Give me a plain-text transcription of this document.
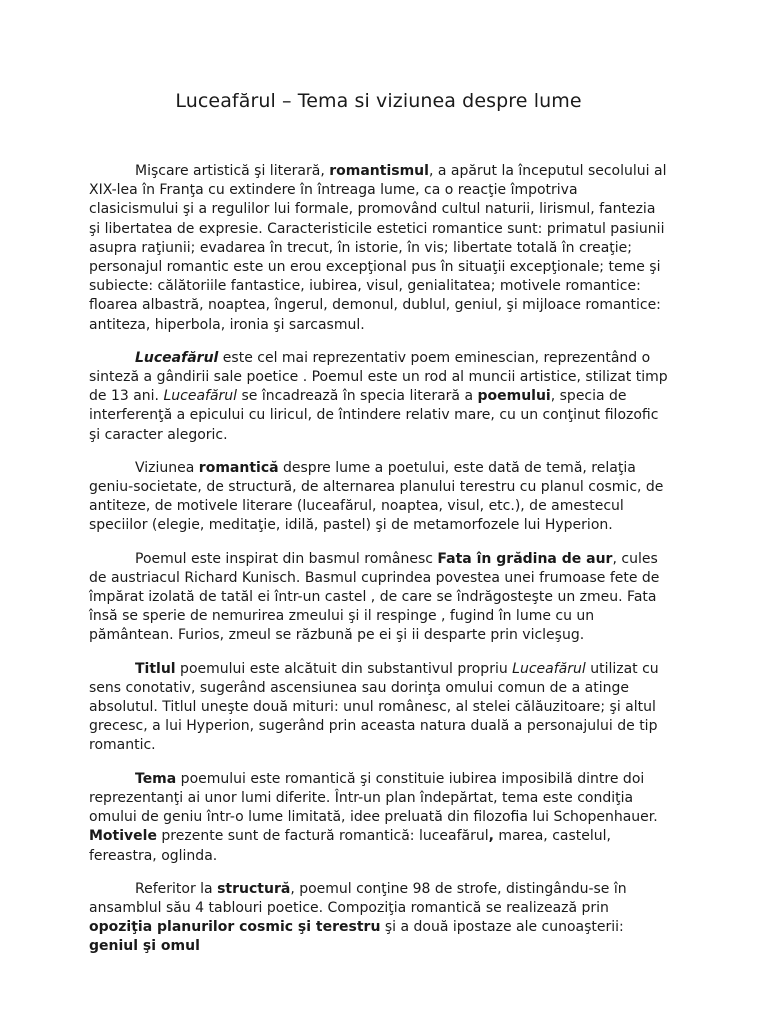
Luceafărul – Tema si viziunea despre lume

Mişcare artistică şi literară, romantismul, a apărut la începutul secolului al XIX-lea în Franţa cu extindere în întreaga lume, ca o reacţie împotriva clasicismului şi a regulilor lui formale, promovând cultul naturii, lirismul, fantezia şi libertatea de expresie. Caracteristicile estetici romantice sunt: primatul pasiunii asupra raţiunii; evadarea în trecut, în istorie, în vis; libertate totală în creaţie; personajul romantic este un erou excepţional pus în situaţii excepţionale; teme şi subiecte: călătoriile fantastice, iubirea, visul, genialitatea; motivele romantice: floarea albastră, noaptea, îngerul, demonul, dublul, geniul, şi mijloace romantice: antiteza, hiperbola, ironia şi sarcasmul.

Luceafărul este cel mai reprezentativ poem eminescian, reprezentând o sinteză a gândirii sale poetice . Poemul este un rod al muncii artistice, stilizat timp de 13 ani. Luceafărul se încadrează în specia literară a poemului, specia de interferenţă a epicului cu liricul, de întindere relativ mare, cu un conţinut filozofic şi caracter alegoric.

Viziunea romantică despre lume a poetului, este dată de temă, relaţia geniu-societate, de structură, de alternarea planului terestru cu planul cosmic, de antiteze, de motivele literare (luceafărul, noaptea, visul, etc.), de amestecul speciilor (elegie, meditaţie, idilă, pastel) şi de metamorfozele lui Hyperion.

Poemul este inspirat din basmul românesc Fata în grădina de aur, cules de austriacul Richard Kunisch. Basmul cuprindea povestea unei frumoase fete de împărat izolată de tatăl ei într-un castel , de care se îndrăgosteşte un zmeu. Fata însă se sperie de nemurirea zmeului şi il respinge , fugind în lume cu un pământean. Furios, zmeul se răzbună pe ei şi ii desparte prin vicleşug.

Titlul poemului este alcătuit din substantivul propriu Luceafărul utilizat cu sens conotativ, sugerând ascensiunea sau dorinţa omului comun de a atinge absolutul. Titlul uneşte două mituri: unul românesc, al stelei călăuzitoare; şi altul grecesc, a lui Hyperion, sugerând prin aceasta natura duală a personajului de tip romantic.

Tema poemului este romantică şi constituie iubirea imposibilă dintre doi reprezentanţi ai unor lumi diferite. Într-un plan îndepărtat, tema este condiţia omului de geniu într-o lume limitată, idee preluată din filozofia lui Schopenhauer. Motivele prezente sunt de factură romantică: luceafărul, marea, castelul, fereastra, oglinda.

Referitor la structură, poemul conţine 98 de strofe, distingându-se în ansamblul său 4 tablouri poetice. Compoziţia romantică se realizează prin opoziţia planurilor cosmic şi terestru şi a două ipostaze ale cunoaşterii: geniul şi omul
